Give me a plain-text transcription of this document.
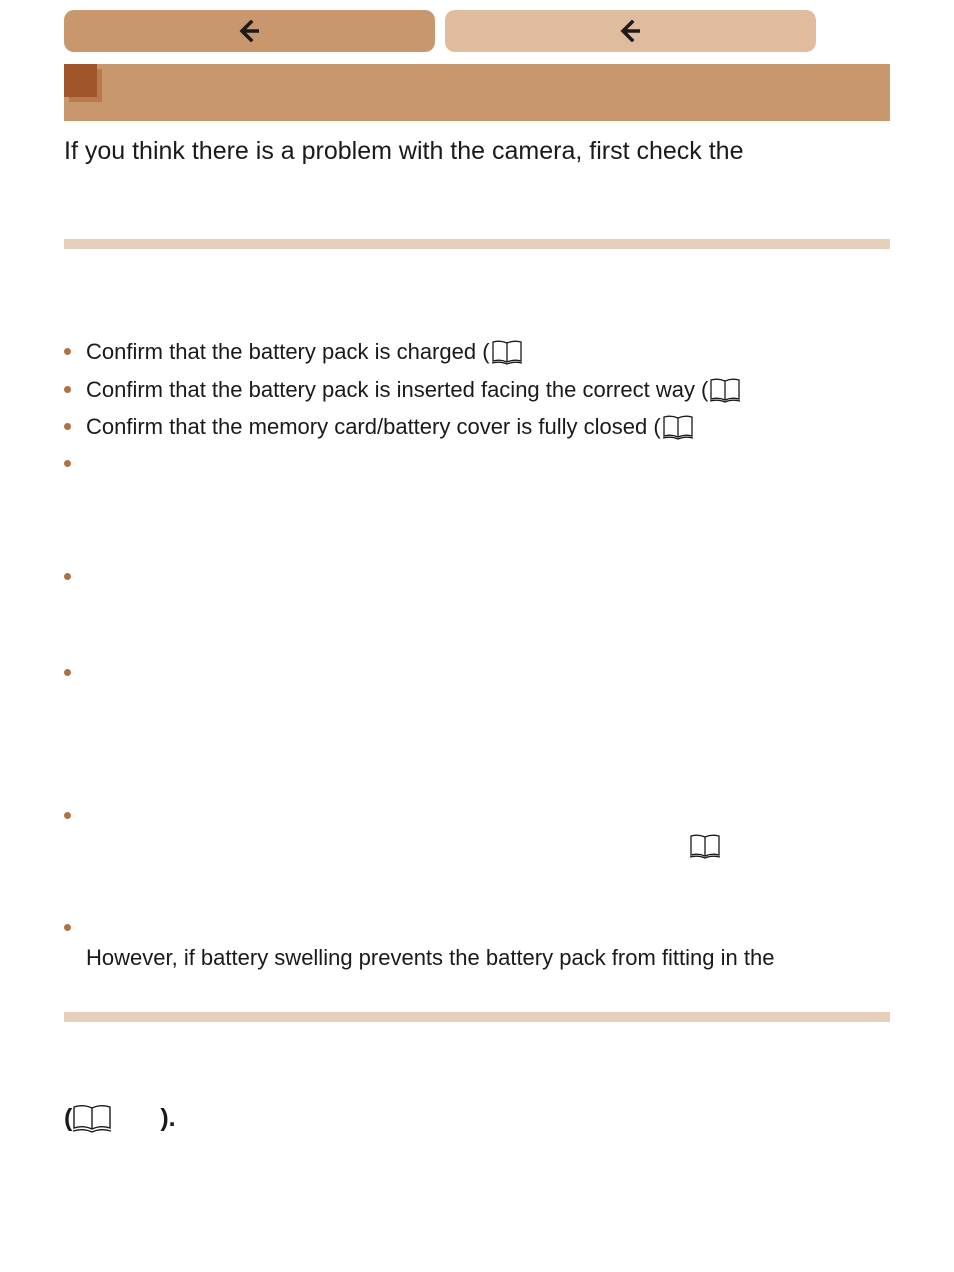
If you think there is a problem with the camera, first check the

Confirm that the battery pack is charged (
Confirm that the battery pack is inserted facing the correct way (
Confirm that the memory card/battery cover is fully closed (
However, if battery swelling prevents the battery pack from fitting in the
(	).
